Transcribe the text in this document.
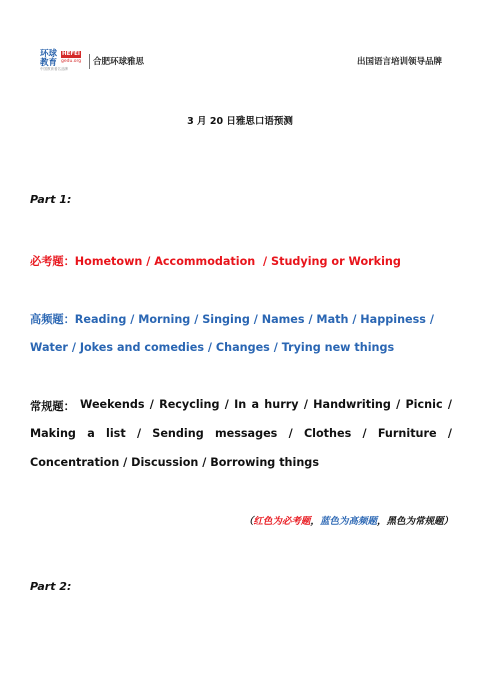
环球教育
HEFEI
gedu.org
中国教育著名品牌
合肥环球雅思	出国语言培训领导品牌
3 月 20 日雅思口语预测
Part 1:
必考题：Hometown / Accommodation  / Studying or Working
高频题：Reading / Morning / Singing / Names / Math / Happiness /
Water / Jokes and comedies / Changes / Trying new things
常规题： Weekends / Recycling / In a hurry / Handwriting / Picnic /
Making a list / Sending messages / Clothes / Furniture /
Concentration / Discussion / Borrowing things
（红色为必考题，蓝色为高频题，黑色为常规题）
Part 2:
